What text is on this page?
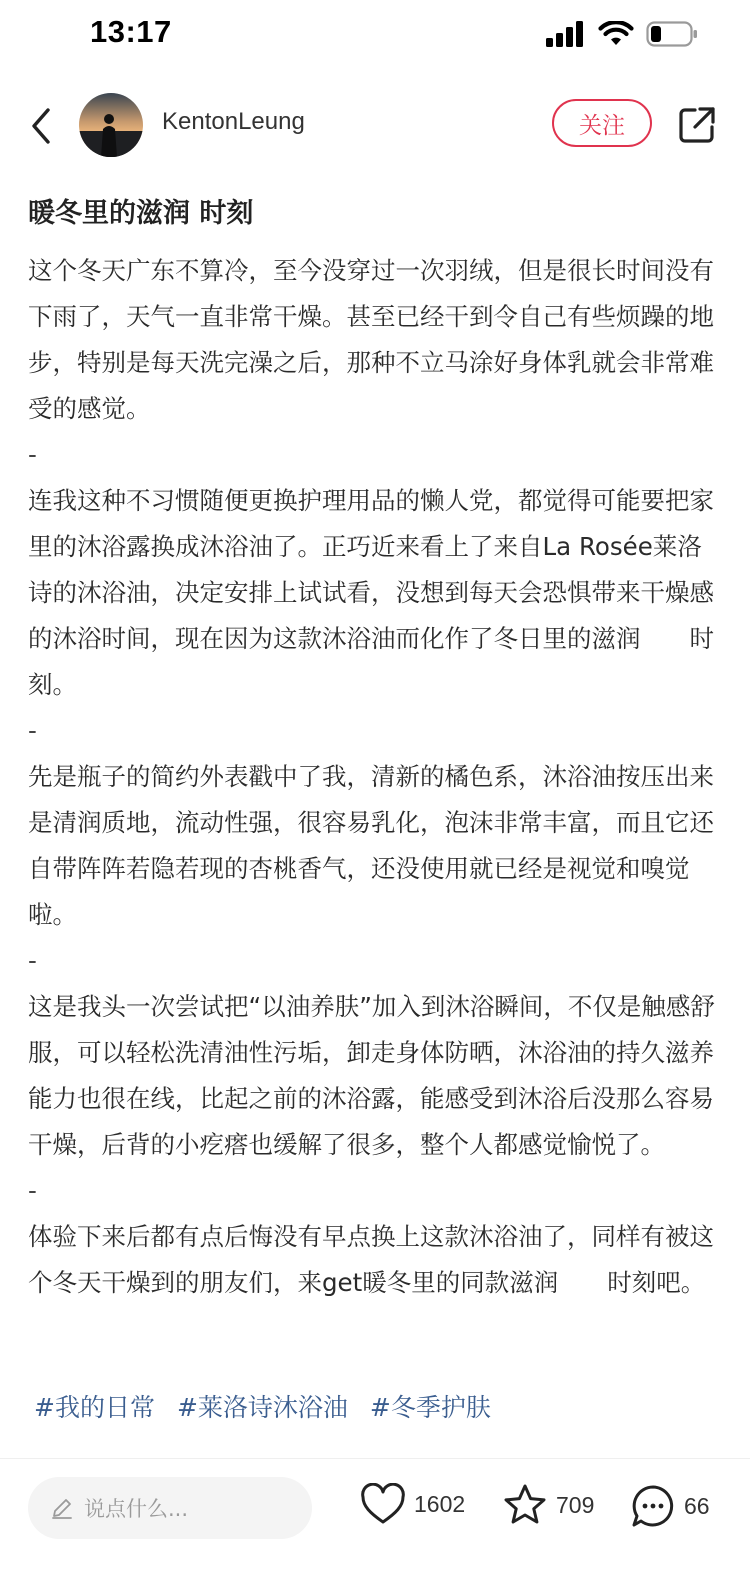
13:17
KentonLeung	关注
暖冬里的滋润 时刻

这个冬天广东不算冷，至今没穿过一次羽绒，但是很长时间没有下雨了，天气一直非常干燥。甚至已经干到令自己有些烦躁的地步，特别是每天洗完澡之后，那种不立马涂好身体乳就会非常难受的感觉。

-

连我这种不习惯随便更换护理用品的懒人党，都觉得可能要把家里的沐浴露换成沐浴油了。正巧近来看上了来自La Rosée莱洛诗的沐浴油，决定安排上试试看，没想到每天会恐惧带来干燥感的沐浴时间，现在因为这款沐浴油而化作了冬日里的滋润　　时刻。

-

先是瓶子的简约外表戳中了我，清新的橘色系，沐浴油按压出来是清润质地，流动性强，很容易乳化，泡沫非常丰富，而且它还自带阵阵若隐若现的杏桃香气，还没使用就已经是视觉和嗅觉　　啦。

-

这是我头一次尝试把“以油养肤”加入到沐浴瞬间，不仅是触感舒服，可以轻松洗清油性污垢，卸走身体防晒，沐浴油的持久滋养能力也很在线，比起之前的沐浴露，能感受到沐浴后没那么容易干燥，后背的小疙瘩也缓解了很多，整个人都感觉愉悦了。

-

体验下来后都有点后悔没有早点换上这款沐浴油了，同样有被这个冬天干燥到的朋友们，来get暖冬里的同款滋润　　时刻吧。

#我的日常 #莱洛诗沐浴油 #冬季护肤
说点什么...	1602	709	66
